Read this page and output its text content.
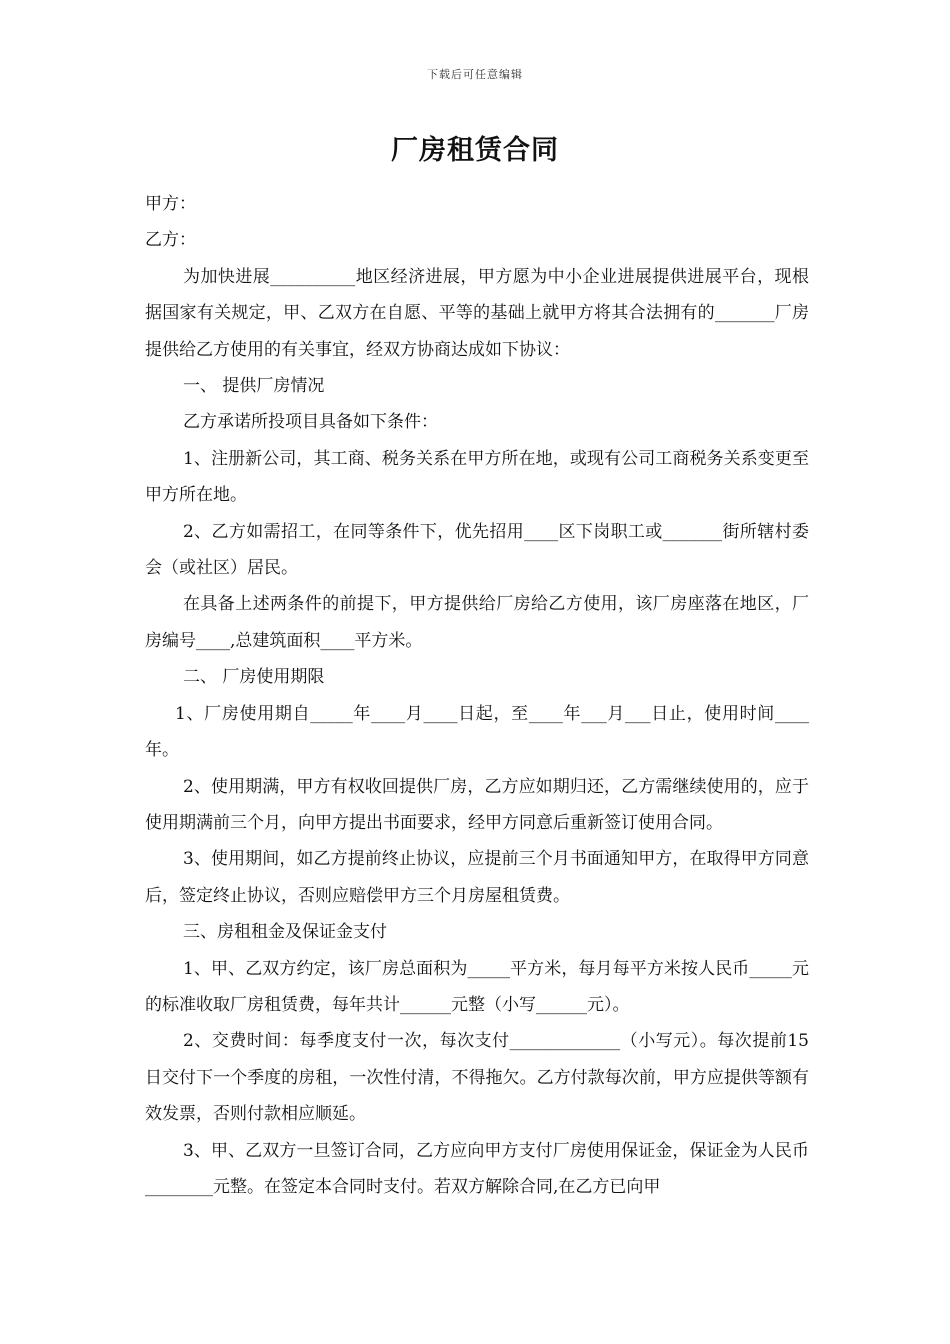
下载后可任意编辑
厂房租赁合同

甲方：

乙方：

为加快进展__________地区经济进展，甲方愿为中小企业进展提供进展平台，现根据国家有关规定，甲、乙双方在自愿、平等的基础上就甲方将其合法拥有的_______厂房提供给乙方使用的有关事宜，经双方协商达成如下协议：

一、 提供厂房情况

乙方承诺所投项目具备如下条件：

1、注册新公司，其工商、税务关系在甲方所在地，或现有公司工商税务关系变更至甲方所在地。

2、乙方如需招工，在同等条件下，优先招用____区下岗职工或_______街所辖村委会（或社区）居民。

在具备上述两条件的前提下，甲方提供给厂房给乙方使用，该厂房座落在地区，厂房编号____,总建筑面积____平方米。

二、 厂房使用期限

1、厂房使用期自_____年____月____日起，至____年___月___日止，使用时间____年。

2、使用期满，甲方有权收回提供厂房，乙方应如期归还，乙方需继续使用的，应于使用期满前三个月，向甲方提出书面要求，经甲方同意后重新签订使用合同。

3、使用期间，如乙方提前终止协议，应提前三个月书面通知甲方，在取得甲方同意后，签定终止协议，否则应赔偿甲方三个月房屋租赁费。

三、房租租金及保证金支付

1、甲、乙双方约定，该厂房总面积为_____平方米，每月每平方米按人民币_____元的标准收取厂房租赁费，每年共计______元整（小写______元）。

2、交费时间：每季度支付一次，每次支付_____________（小写元）。每次提前15日交付下一个季度的房租，一次性付清，不得拖欠。乙方付款每次前，甲方应提供等额有效发票，否则付款相应顺延。

3、甲、乙双方一旦签订合同，乙方应向甲方支付厂房使用保证金，保证金为人民币________元整。在签定本合同时支付。若双方解除合同,在乙方已向甲
